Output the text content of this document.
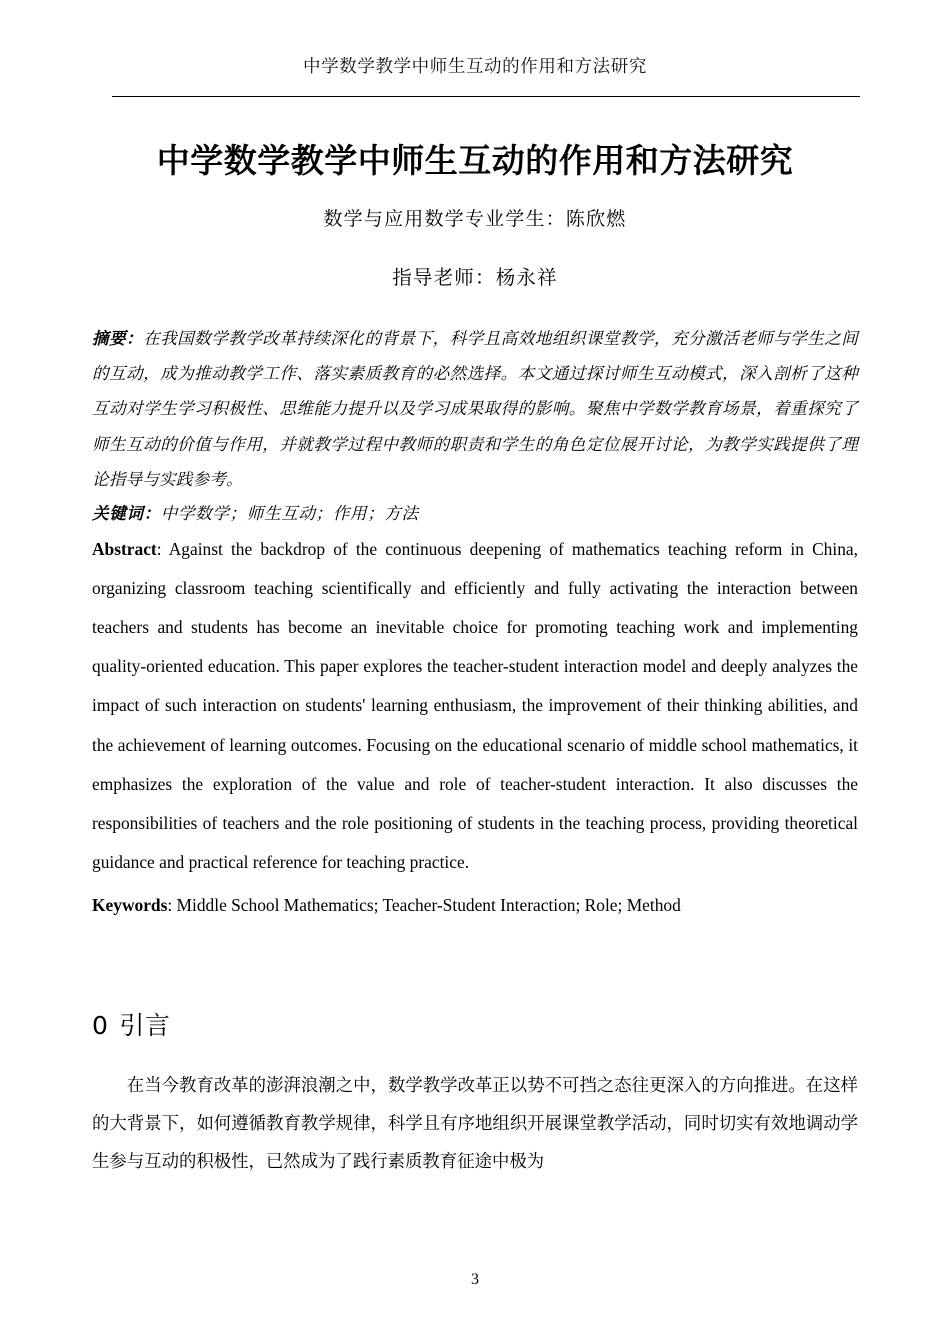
中学数学教学中师生互动的作用和方法研究
中学数学教学中师生互动的作用和方法研究

数学与应用数学专业学生：陈欣燃

指导老师：杨永祥

摘要：在我国数学教学改革持续深化的背景下，科学且高效地组织课堂教学，充分激活老师与学生之间的互动，成为推动教学工作、落实素质教育的必然选择。本文通过探讨师生互动模式，深入剖析了这种互动对学生学习积极性、思维能力提升以及学习成果取得的影响。聚焦中学数学教育场景，着重探究了师生互动的价值与作用，并就教学过程中教师的职责和学生的角色定位展开讨论，为教学实践提供了理论指导与实践参考。

关键词：中学数学；师生互动；作用；方法

Abstract: Against the backdrop of the continuous deepening of mathematics teaching reform in China, organizing classroom teaching scientifically and efficiently and fully activating the interaction between teachers and students has become an inevitable choice for promoting teaching work and implementing quality-oriented education. This paper explores the teacher-student interaction model and deeply analyzes the impact of such interaction on students' learning enthusiasm, the improvement of their thinking abilities, and the achievement of learning outcomes. Focusing on the educational scenario of middle school mathematics, it emphasizes the exploration of the value and role of teacher-student interaction. It also discusses the responsibilities of teachers and the role positioning of students in the teaching process, providing theoretical guidance and practical reference for teaching practice.

Keywords: Middle School Mathematics; Teacher-Student Interaction; Role; Method

0 引言

在当今教育改革的澎湃浪潮之中，数学教学改革正以势不可挡之态往更深入的方向推进。在这样的大背景下，如何遵循教育教学规律，科学且有序地组织开展课堂教学活动，同时切实有效地调动学生参与互动的积极性，已然成为了践行素质教育征途中极为

3
